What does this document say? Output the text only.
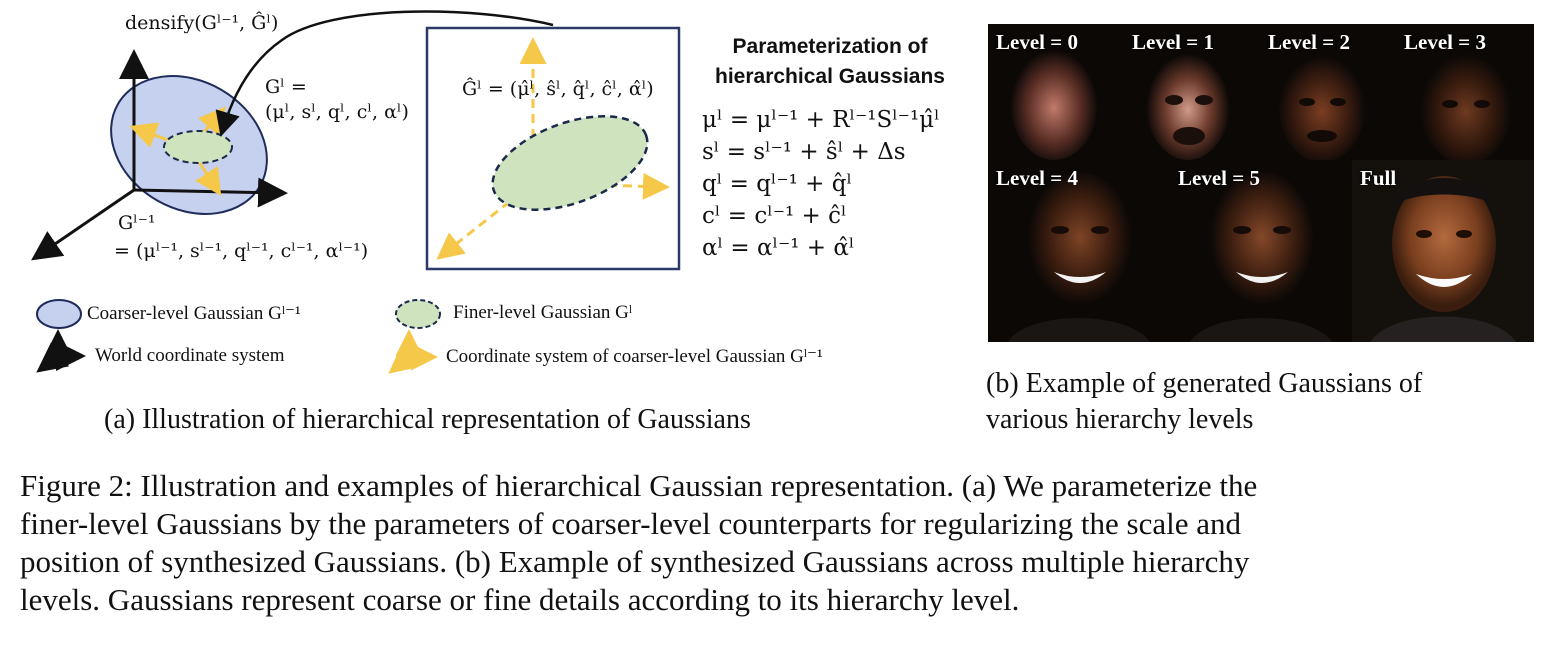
densify(Gˡ⁻¹, Ĝˡ)
Gˡ =
(μˡ, sˡ, qˡ, cˡ, αˡ)
Gˡ⁻¹
= (μˡ⁻¹, sˡ⁻¹, qˡ⁻¹, cˡ⁻¹, αˡ⁻¹)
Ĝˡ = (μ̂ˡ, ŝˡ, q̂ˡ, ĉˡ, α̂ˡ)
Parameterization of
hierarchical Gaussians
μˡ = μˡ⁻¹ + Rˡ⁻¹Sˡ⁻¹μ̂ˡ
sˡ = sˡ⁻¹ + ŝˡ + Δs
qˡ = qˡ⁻¹ + q̂ˡ
cˡ = cˡ⁻¹ + ĉˡ
αˡ = αˡ⁻¹ + α̂ˡ
Coarser-level Gaussian Gˡ⁻¹	Finer-level Gaussian Gˡ
World coordinate system	Coordinate system of coarser-level Gaussian Gˡ⁻¹
(a) Illustration of hierarchical representation of Gaussians
Level = 0	Level = 1	Level = 2	Level = 3
Level = 4	Level = 5	Full
(b) Example of generated Gaussians of
various hierarchy levels
Figure 2: Illustration and examples of hierarchical Gaussian representation. (a) We parameterize the
finer-level Gaussians by the parameters of coarser-level counterparts for regularizing the scale and
position of synthesized Gaussians. (b) Example of synthesized Gaussians across multiple hierarchy
levels. Gaussians represent coarse or fine details according to its hierarchy level.
